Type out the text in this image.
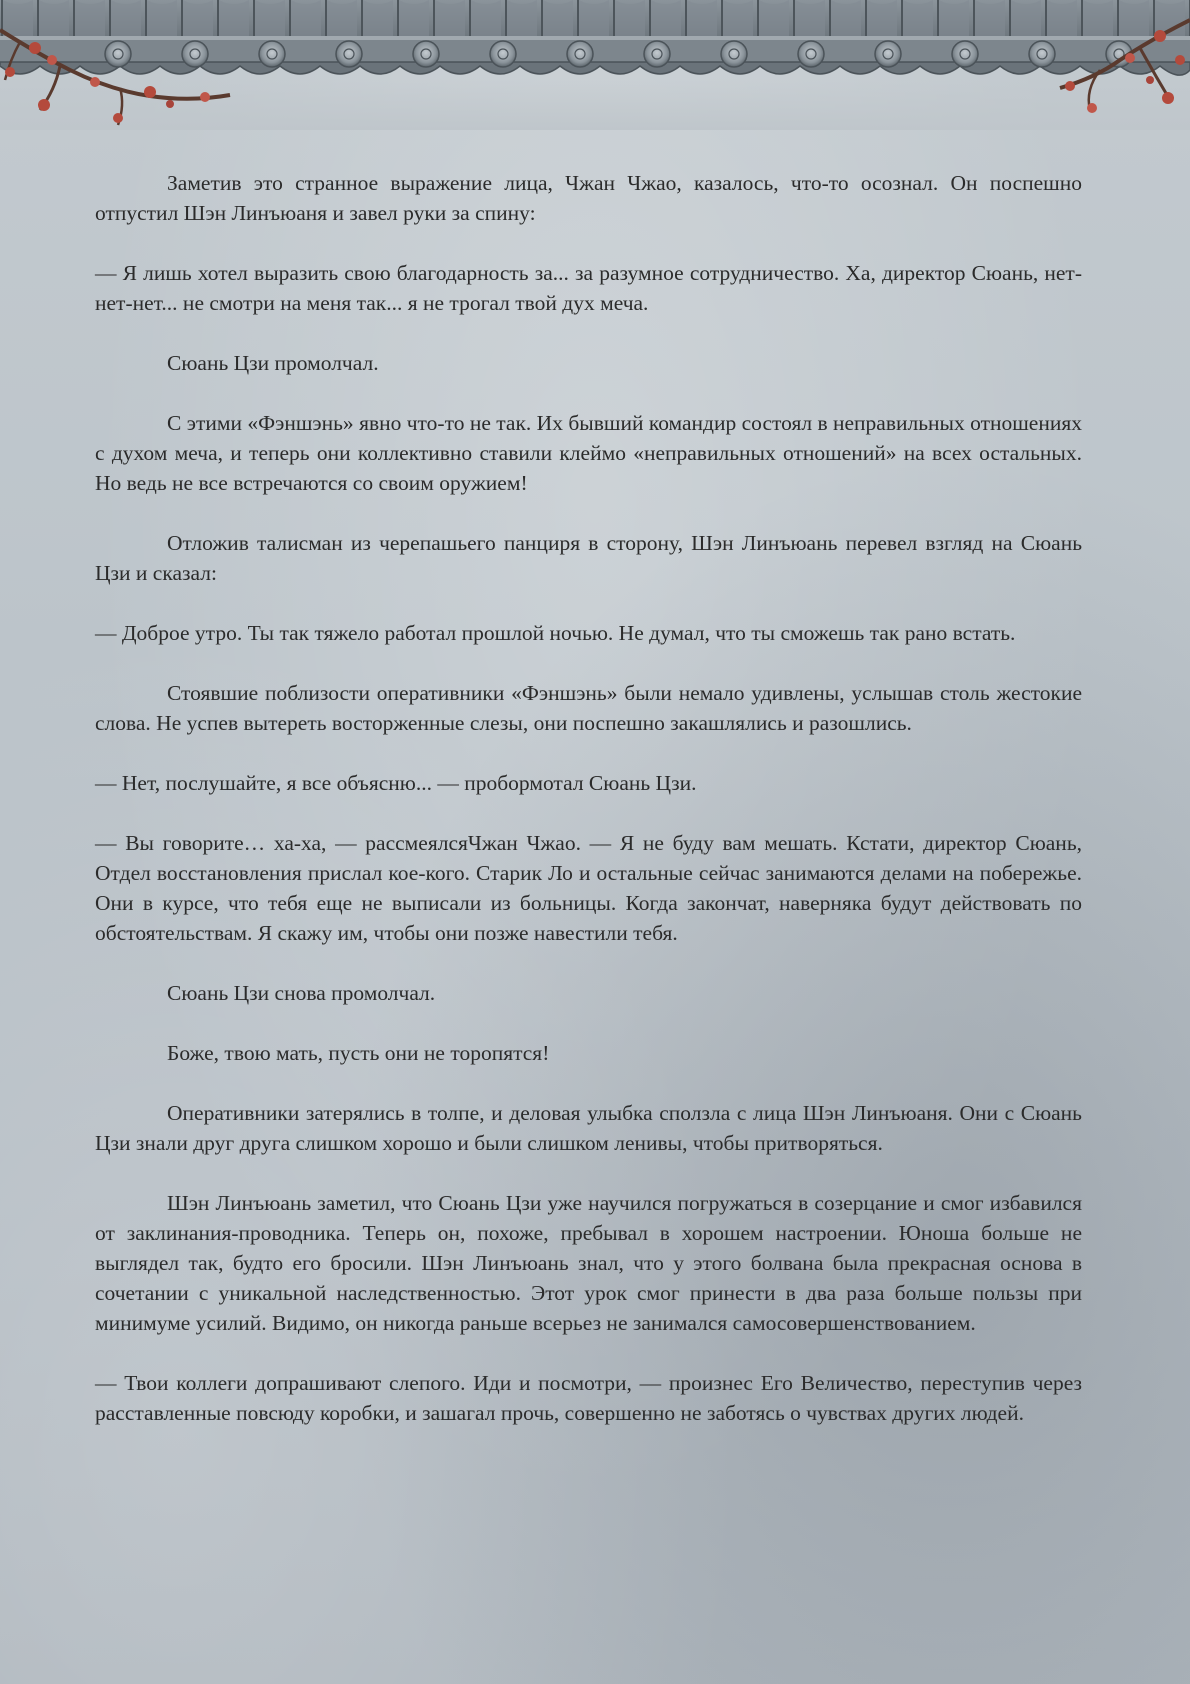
Заметив это странное выражение лица, Чжан Чжао, казалось, что-то осознал. Он поспешно отпустил Шэн Линъюаня и завел руки за спину:

— Я лишь хотел выразить свою благодарность за... за разумное сотрудничество. Ха, директор Сюань, нет-нет-нет... не смотри на меня так... я не трогал твой дух меча.

Сюань Цзи промолчал.

С этими «Фэншэнь» явно что-то не так. Их бывший командир состоял в неправильных отношениях с духом меча, и теперь они коллективно ставили клеймо «неправильных отношений» на всех остальных. Но ведь не все встречаются со своим оружием!

Отложив талисман из черепашьего панциря в сторону, Шэн Линъюань перевел взгляд на Сюань Цзи и сказал:

— Доброе утро. Ты так тяжело работал прошлой ночью. Не думал, что ты сможешь так рано встать.

Стоявшие поблизости оперативники «Фэншэнь» были немало удивлены, услышав столь жестокие слова. Не успев вытереть восторженные слезы, они поспешно закашлялись и разошлись.

— Нет, послушайте, я все объясню... — пробормотал Сюань Цзи.

— Вы говорите… ха-ха, — рассмеялсяЧжан Чжао. — Я не буду вам мешать. Кстати, директор Сюань, Отдел восстановления прислал кое-кого. Старик Ло и остальные сейчас занимаются делами на побережье. Они в курсе, что тебя еще не выписали из больницы. Когда закончат, наверняка будут действовать по обстоятельствам. Я скажу им, чтобы они позже навестили тебя.

Сюань Цзи снова промолчал.

Боже, твою мать, пусть они не торопятся!

Оперативники затерялись в толпе, и деловая улыбка сползла с лица Шэн Линъюаня. Они с Сюань Цзи знали друг друга слишком хорошо и были слишком ленивы, чтобы притворяться.

Шэн Линъюань заметил, что Сюань Цзи уже научился погружаться в созерцание и смог избавился от заклинания-проводника. Теперь он, похоже, пребывал в хорошем настроении. Юноша больше не выглядел так, будто его бросили. Шэн Линъюань знал, что у этого болвана была прекрасная основа в сочетании с уникальной наследственностью. Этот урок смог принести в два раза больше пользы при минимуме усилий. Видимо, он никогда раньше всерьез не занимался самосовершенствованием.

— Твои коллеги допрашивают слепого. Иди и посмотри, — произнес Его Величество, переступив через расставленные повсюду коробки, и зашагал прочь, совершенно не заботясь о чувствах других людей.
